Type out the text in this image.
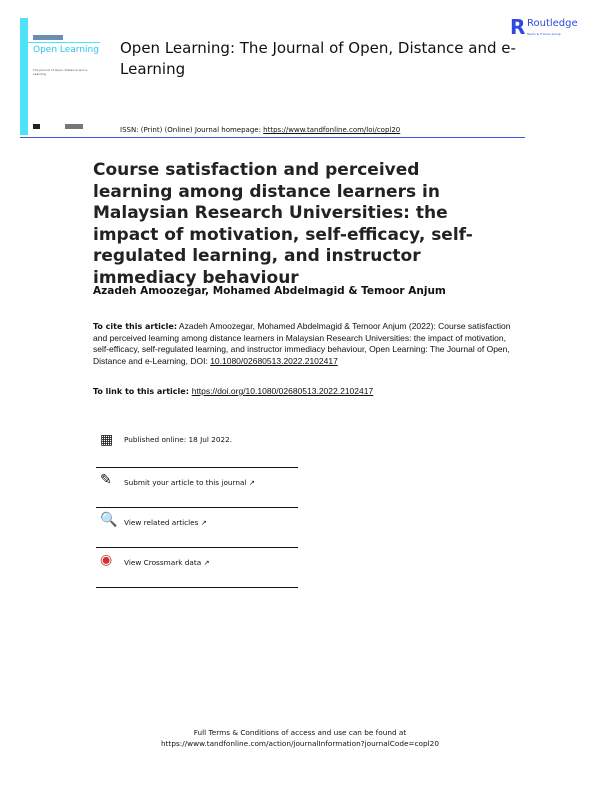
Open Learning
The Journal of Open, Distance and e-Learning
Open Learning: The Journal of Open, Distance and e-Learning
R Routledge
Taylor & Francis Group
ISSN: (Print) (Online) Journal homepage: https://www.tandfonline.com/loi/copl20
Course satisfaction and perceived learning among distance learners in Malaysian Research Universities: the impact of motivation, self-efficacy, self-regulated learning, and instructor immediacy behaviour
Azadeh Amoozegar, Mohamed Abdelmagid & Temoor Anjum
To cite this article: Azadeh Amoozegar, Mohamed Abdelmagid & Temoor Anjum (2022): Course satisfaction and perceived learning among distance learners in Malaysian Research Universities: the impact of motivation, self-efficacy, self-regulated learning, and instructor immediacy behaviour, Open Learning: The Journal of Open, Distance and e-Learning, DOI: 10.1080/02680513.2022.2102417
To link to this article: https://doi.org/10.1080/02680513.2022.2102417
▦	Published online: 18 Jul 2022.
✎	Submit your article to this journal ↗
🔍 View related articles ↗
◉	View Crossmark data ↗
Full Terms & Conditions of access and use can be found at
https://www.tandfonline.com/action/journalInformation?journalCode=copl20
